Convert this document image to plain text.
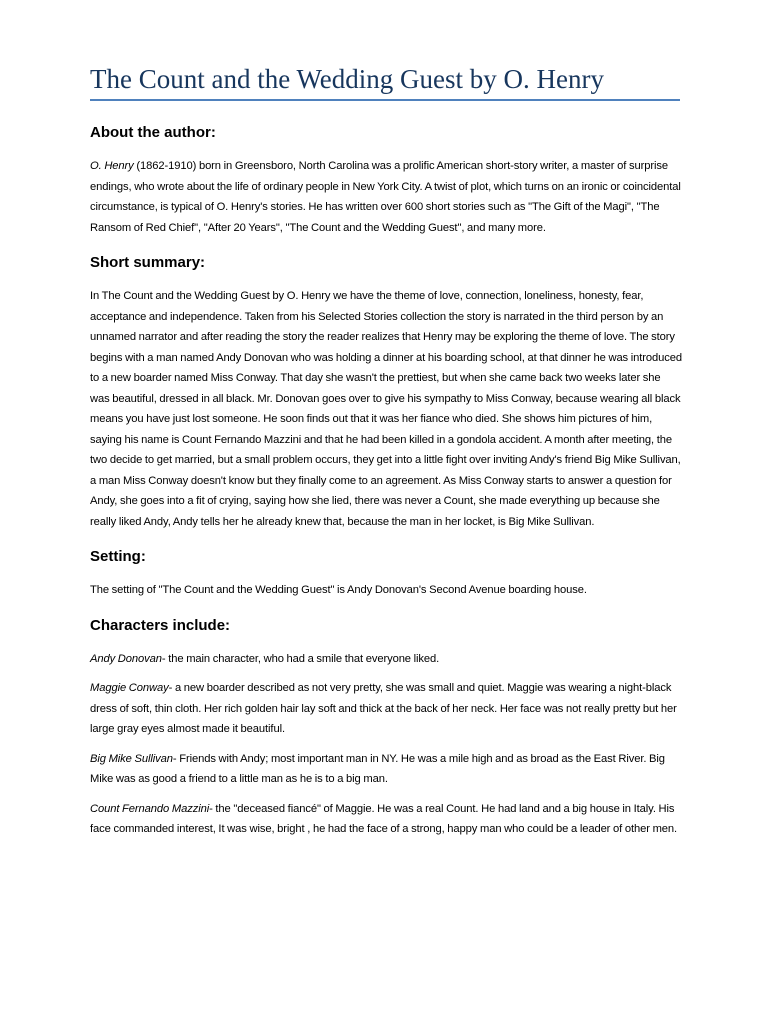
The Count and the Wedding Guest by O. Henry
About the author:

O. Henry (1862-1910) born in Greensboro, North Carolina was a prolific American short-story writer, a master of surprise endings, who wrote about the life of ordinary people in New York City. A twist of plot, which turns on an ironic or coincidental circumstance, is typical of O. Henry's stories. He has written over 600 short stories such as "The Gift of the Magi", "The Ransom of Red Chief", "After 20 Years", "The Count and the Wedding Guest", and many more.

Short summary:

In The Count and the Wedding Guest by O. Henry we have the theme of love, connection, loneliness, honesty, fear, acceptance and independence. Taken from his Selected Stories collection the story is narrated in the third person by an unnamed narrator and after reading the story the reader realizes that Henry may be exploring the theme of love. The story begins with a man named Andy Donovan who was holding a dinner at his boarding school, at that dinner he was introduced to a new boarder named Miss Conway. That day she wasn't the prettiest, but when she came back two weeks later she was beautiful, dressed in all black. Mr. Donovan goes over to give his sympathy to Miss Conway, because wearing all black means you have just lost someone. He soon finds out that it was her fiance who died. She shows him pictures of him, saying his name is Count Fernando Mazzini and that he had been killed in a gondola accident. A month after meeting, the two decide to get married, but a small problem occurs, they get into a little fight over inviting Andy's friend Big Mike Sullivan, a man Miss Conway doesn't know but they finally come to an agreement. As Miss Conway starts to answer a question for Andy, she goes into a fit of crying, saying how she lied, there was never a Count, she made everything up because she really liked Andy, Andy tells her he already knew that, because the man in her locket, is Big Mike Sullivan.

Setting:

The setting of "The Count and the Wedding Guest" is Andy Donovan's Second Avenue boarding house.

Characters include:

Andy Donovan- the main character, who had a smile that everyone liked.

Maggie Conway- a new boarder described as not very pretty, she was small and quiet. Maggie was wearing a night-black dress of soft, thin cloth. Her rich golden hair lay soft and thick at the back of her neck. Her face was not really pretty but her large gray eyes almost made it beautiful.

Big Mike Sullivan- Friends with Andy; most important man in NY. He was a mile high and as broad as the East River. Big Mike was as good a friend to a little man as he is to a big man.

Count Fernando Mazzini- the "deceased fiancé" of Maggie. He was a real Count. He had land and a big house in Italy. His face commanded interest, It was wise, bright , he had the face of a strong, happy man who could be a leader of other men.
